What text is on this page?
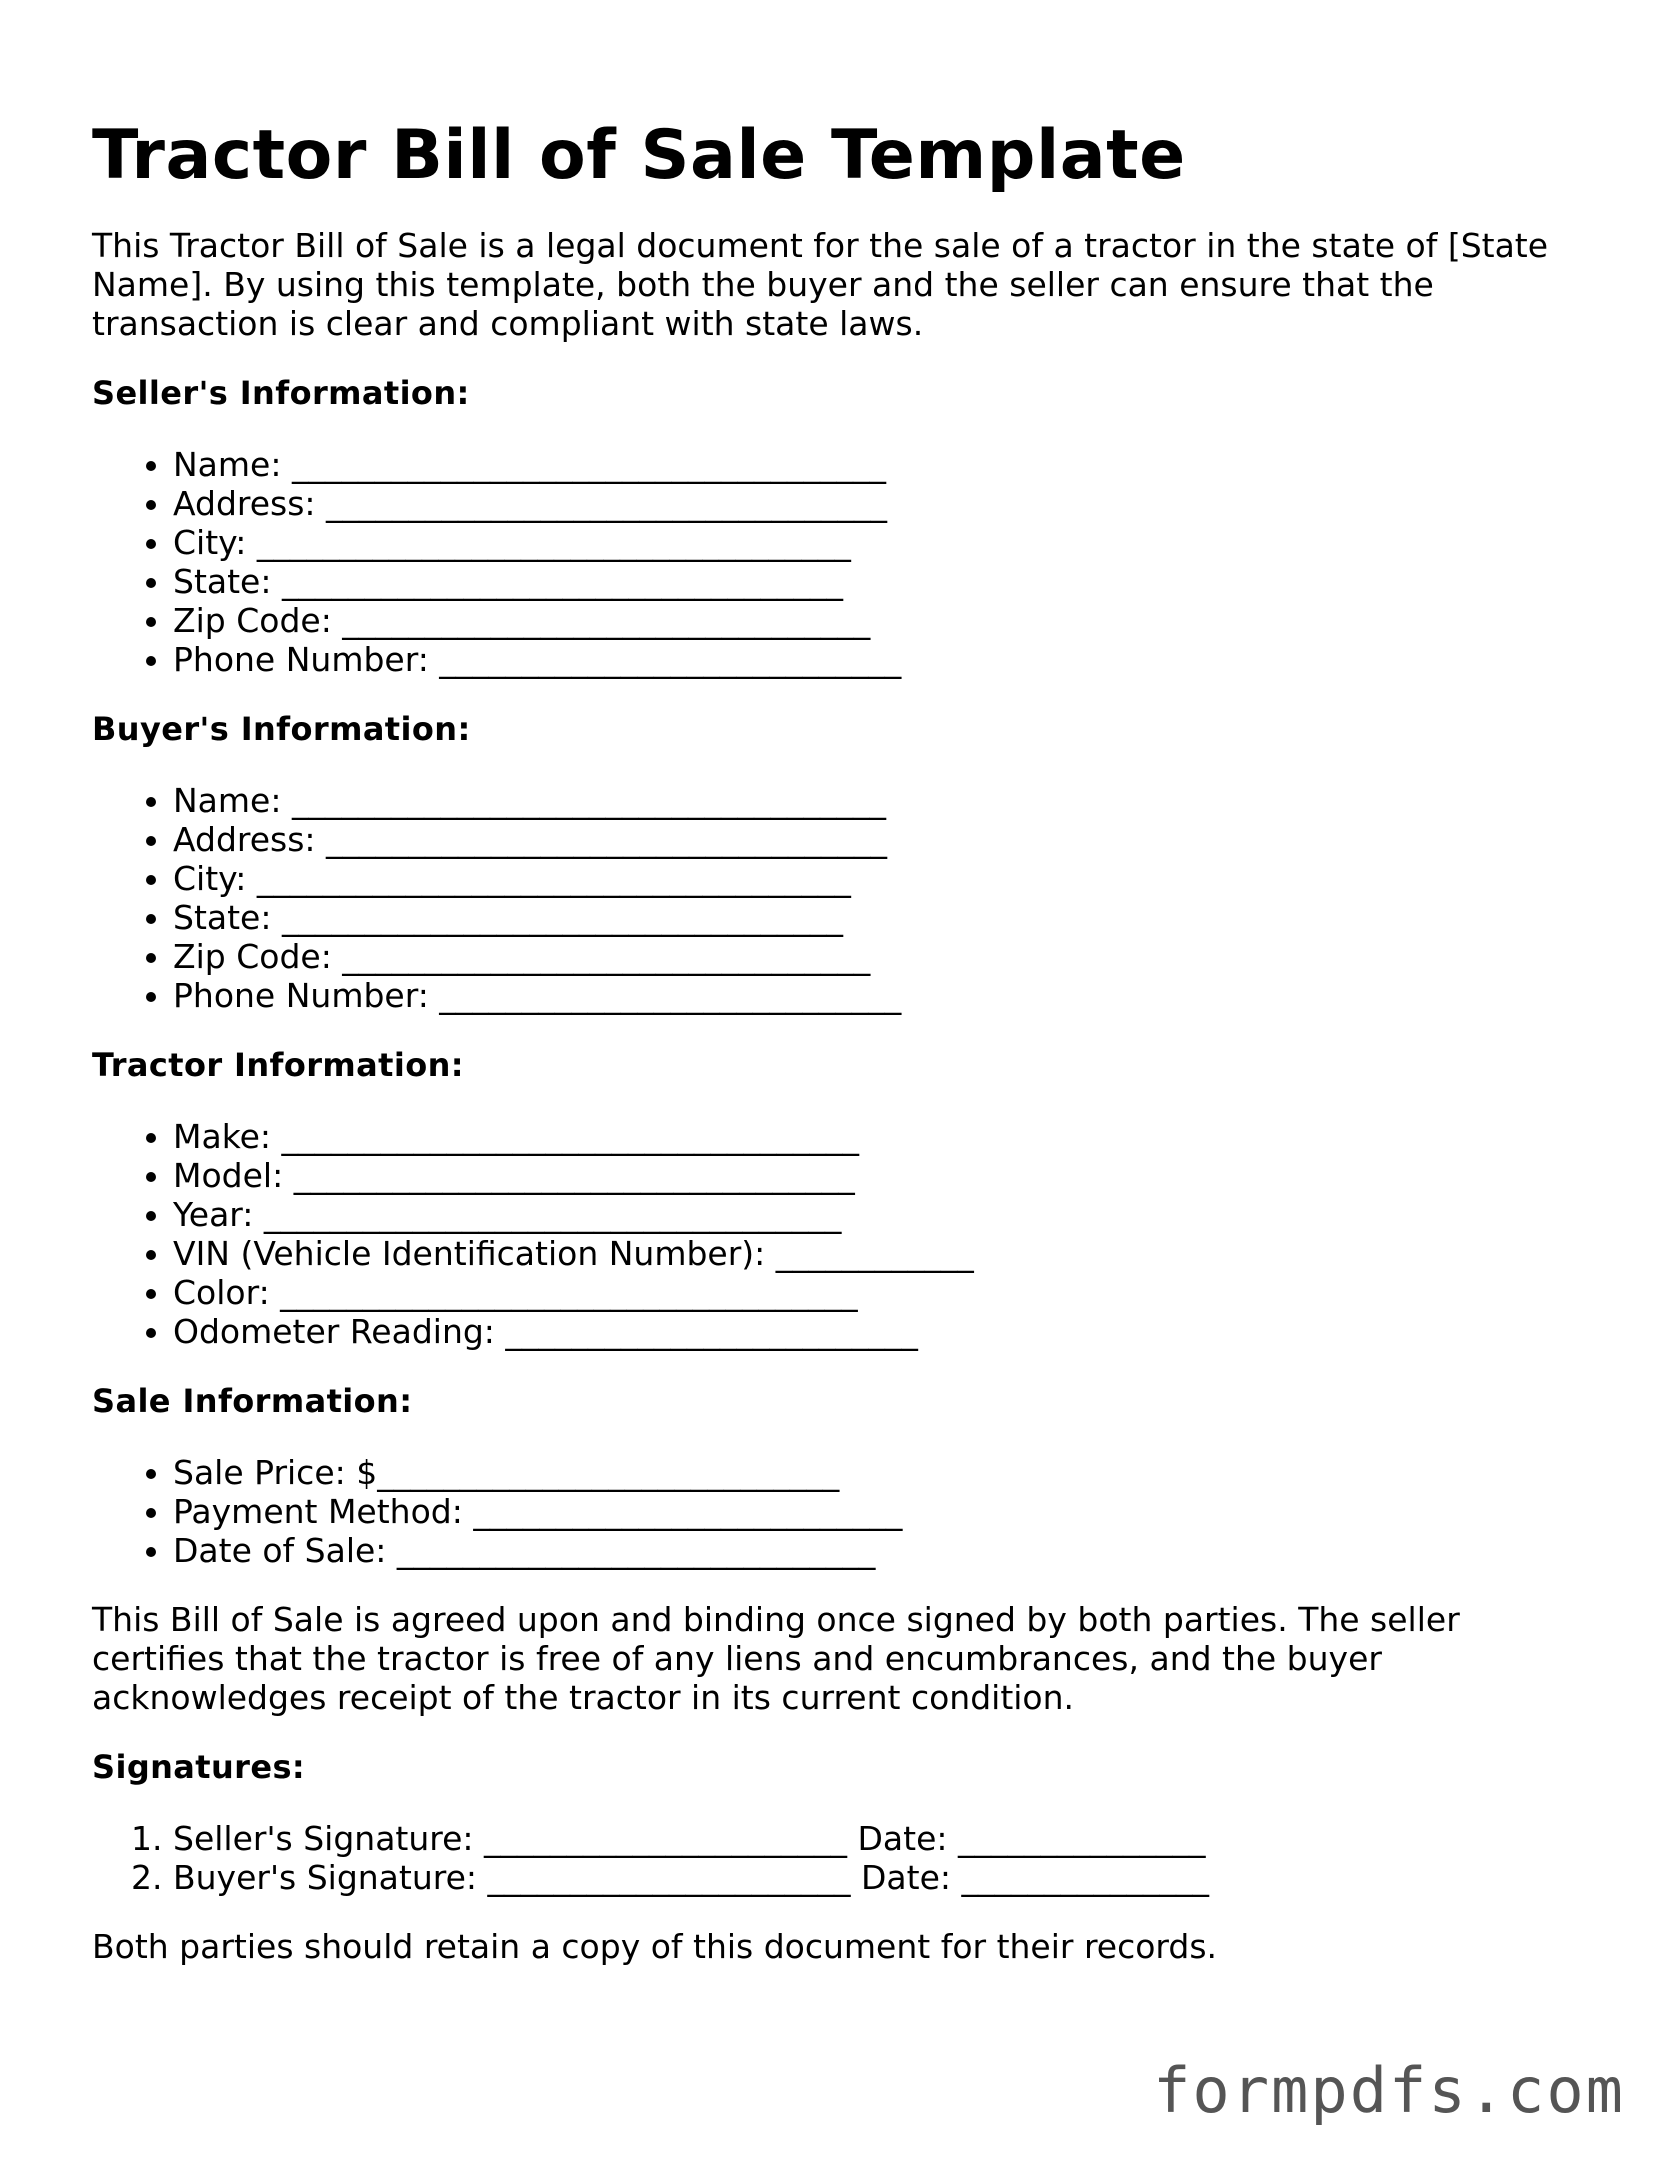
Tractor Bill of Sale Template

This Tractor Bill of Sale is a legal document for the sale of a tractor in the state of [State Name]. By using this template, both the buyer and the seller can ensure that the transaction is clear and compliant with state laws.

Seller's Information:
• Name: ____________________________________
• Address: __________________________________
• City: ____________________________________
• State: __________________________________
• Zip Code: ________________________________
• Phone Number: ____________________________
Buyer's Information:
• Name: ____________________________________
• Address: __________________________________
• City: ____________________________________
• State: __________________________________
• Zip Code: ________________________________
• Phone Number: ____________________________
Tractor Information:
• Make: ___________________________________
• Model: __________________________________
• Year: ___________________________________
• VIN (Vehicle Identification Number): ____________
• Color: ___________________________________
• Odometer Reading: _________________________
Sale Information:
• Sale Price: $____________________________
• Payment Method: __________________________
• Date of Sale: _____________________________

This Bill of Sale is agreed upon and binding once signed by both parties. The seller certifies that the tractor is free of any liens and encumbrances, and the buyer acknowledges receipt of the tractor in its current condition.

Signatures:
1. Seller's Signature: ______________________ Date: _______________
2. Buyer's Signature: ______________________ Date: _______________

Both parties should retain a copy of this document for their records.

formpdfs.com
